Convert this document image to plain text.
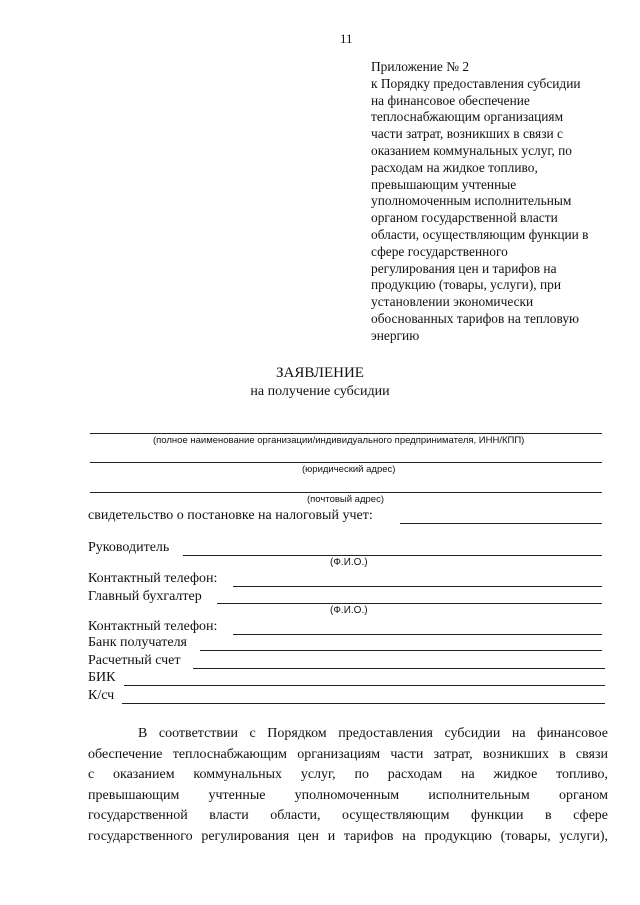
11
Приложение № 2
к Порядку предоставления субсидии
на финансовое обеспечение
теплоснабжающим организациям
части затрат, возникших в связи с
оказанием коммунальных услуг, по
расходам на жидкое топливо,
превышающим учтенные
уполномоченным исполнительным
органом государственной власти
области, осуществляющим функции в
сфере государственного
регулирования цен и тарифов на
продукцию (товары, услуги), при
установлении экономически
обоснованных тарифов на тепловую
энергию
ЗАЯВЛЕНИЕ
на получение субсидии
(полное наименование организации/индивидуального предпринимателя, ИНН/КПП)
(юридический адрес)
(почтовый адрес)
свидетельство о постановке на налоговый учет:
Руководитель
(Ф.И.О.)
Контактный телефон:
Главный бухгалтер
(Ф.И.О.)
Контактный телефон:
Банк получателя
Расчетный счет
БИК
К/сч
В соответствии с Порядком предоставления субсидии на финансовое
обеспечение теплоснабжающим организациям части затрат, возникших в связи
с оказанием коммунальных услуг, по расходам на жидкое топливо,
превышающим учтенные уполномоченным исполнительным органом
государственной власти области, осуществляющим функции в сфере
государственного регулирования цен и тарифов на продукцию (товары, услуги),
